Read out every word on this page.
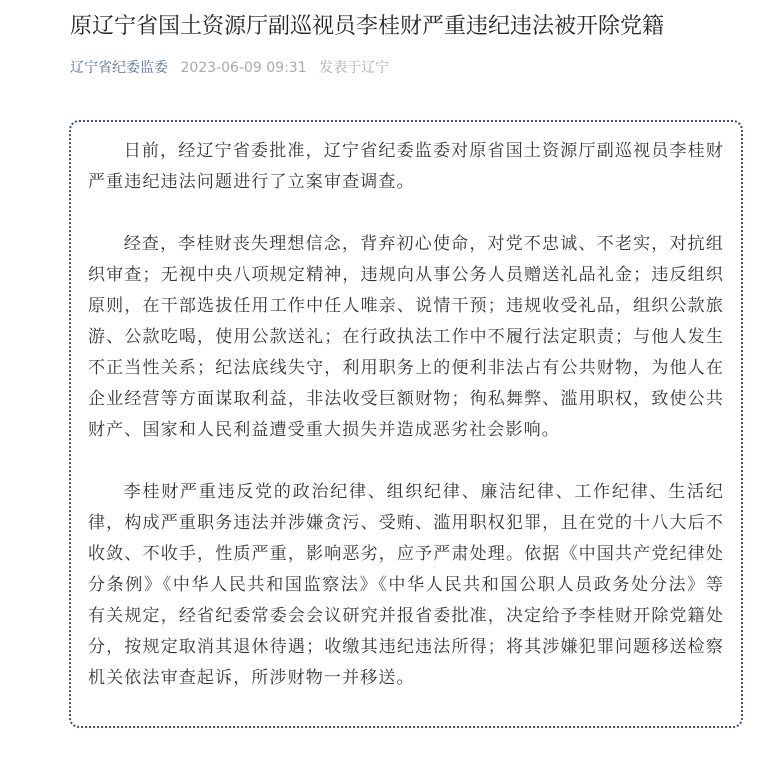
原辽宁省国土资源厅副巡视员李桂财严重违纪违法被开除党籍
辽宁省纪委监委 2023-06-09 09:31 发表于辽宁

日前，经辽宁省委批准，辽宁省纪委监委对原省国土资源厅副巡视员李桂财严重违纪违法问题进行了立案审查调查。

经查，李桂财丧失理想信念，背弃初心使命，对党不忠诚、不老实，对抗组织审查；无视中央八项规定精神，违规向从事公务人员赠送礼品礼金；违反组织原则，在干部选拔任用工作中任人唯亲、说情干预；违规收受礼品，组织公款旅游、公款吃喝，使用公款送礼；在行政执法工作中不履行法定职责；与他人发生不正当性关系；纪法底线失守，利用职务上的便利非法占有公共财物，为他人在企业经营等方面谋取利益，非法收受巨额财物；徇私舞弊、滥用职权，致使公共财产、国家和人民利益遭受重大损失并造成恶劣社会影响。

李桂财严重违反党的政治纪律、组织纪律、廉洁纪律、工作纪律、生活纪律，构成严重职务违法并涉嫌贪污、受贿、滥用职权犯罪，且在党的十八大后不收敛、不收手，性质严重，影响恶劣，应予严肃处理。依据《中国共产党纪律处分条例》《中华人民共和国监察法》《中华人民共和国公职人员政务处分法》等有关规定，经省纪委常委会会议研究并报省委批准，决定给予李桂财开除党籍处分，按规定取消其退休待遇；收缴其违纪违法所得；将其涉嫌犯罪问题移送检察机关依法审查起诉，所涉财物一并移送。
